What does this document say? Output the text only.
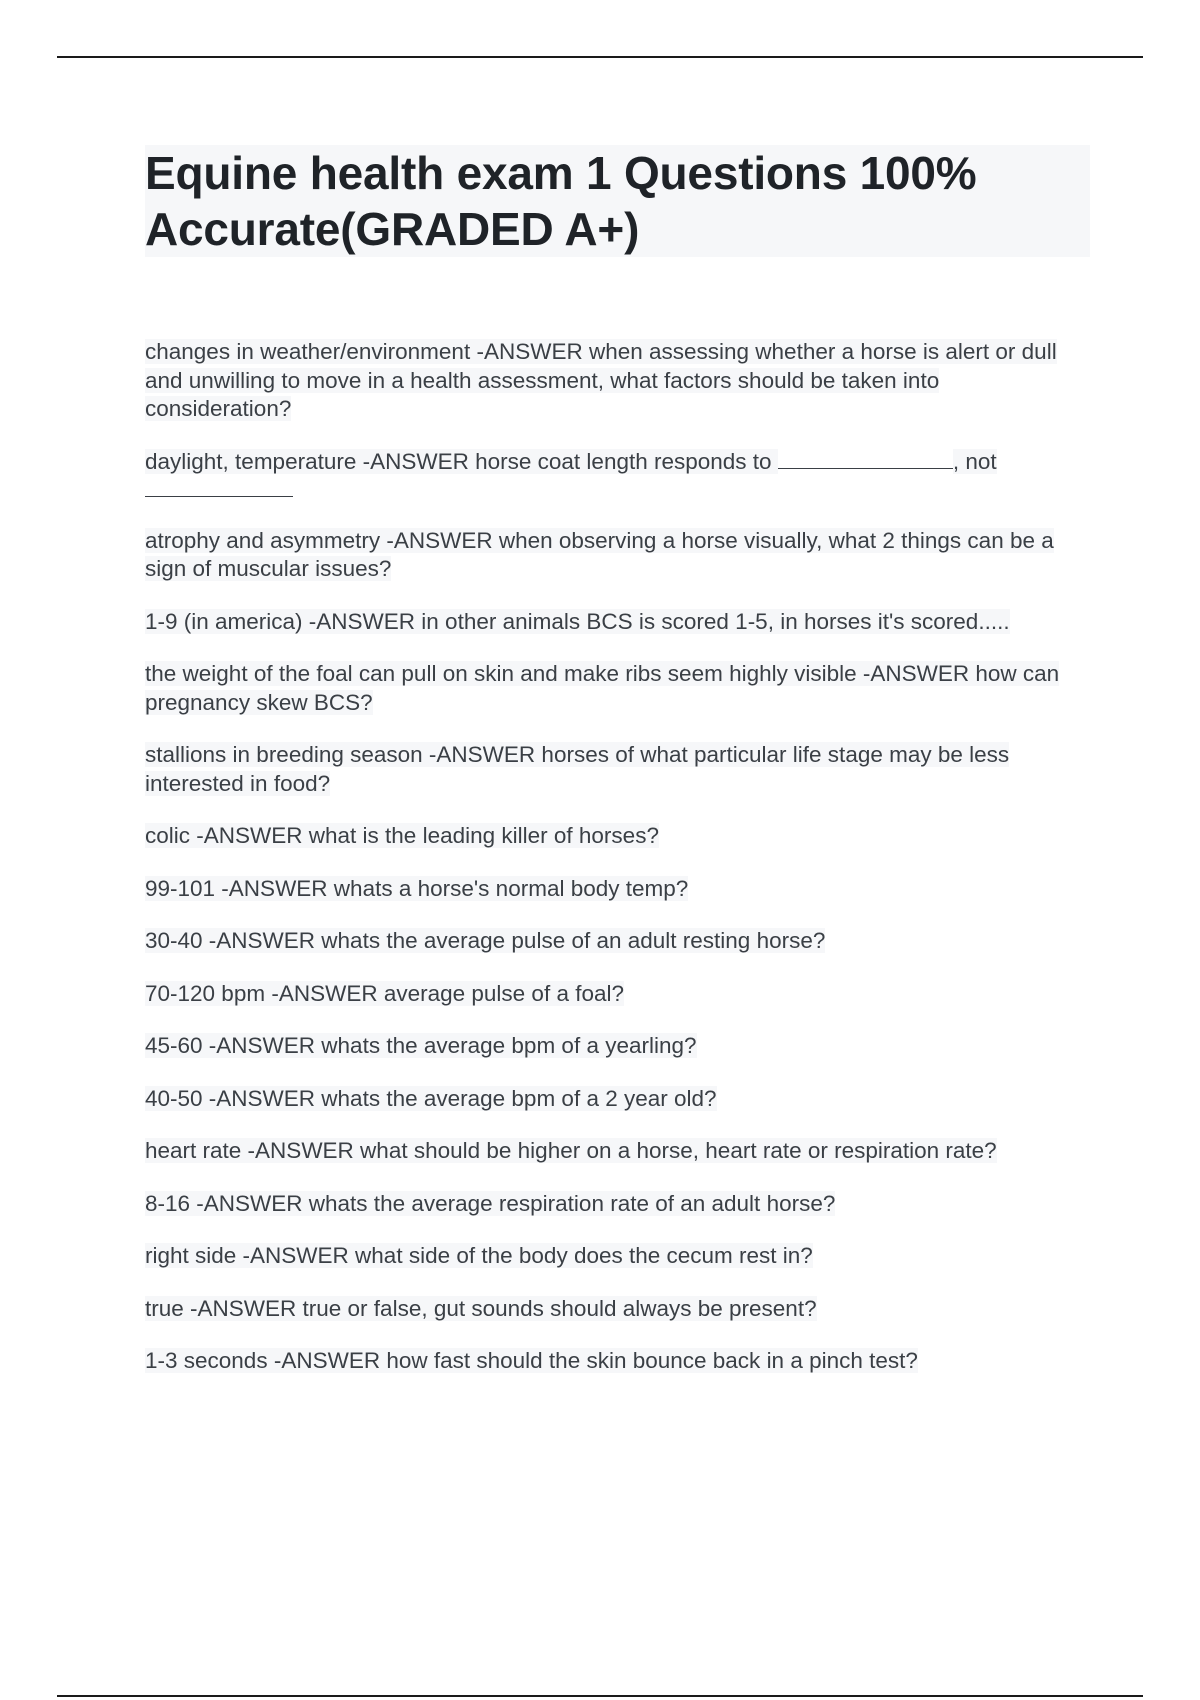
Equine health exam 1 Questions 100% Accurate(GRADED A+)
changes in weather/environment -ANSWER when assessing whether a horse is alert or dull and unwilling to move in a health assessment, what factors should be taken into consideration?
daylight, temperature -ANSWER horse coat length responds to	, not

atrophy and asymmetry -ANSWER when observing a horse visually, what 2 things can be a sign of muscular issues?
1-9 (in america) -ANSWER in other animals BCS is scored 1-5, in horses it's scored.....
the weight of the foal can pull on skin and make ribs seem highly visible -ANSWER how can pregnancy skew BCS?
stallions in breeding season -ANSWER horses of what particular life stage may be less interested in food?
colic -ANSWER what is the leading killer of horses?
99-101 -ANSWER whats a horse's normal body temp?
30-40 -ANSWER whats the average pulse of an adult resting horse?
70-120 bpm -ANSWER average pulse of a foal?
45-60 -ANSWER whats the average bpm of a yearling?
40-50 -ANSWER whats the average bpm of a 2 year old?
heart rate -ANSWER what should be higher on a horse, heart rate or respiration rate?
8-16 -ANSWER whats the average respiration rate of an adult horse?
right side -ANSWER what side of the body does the cecum rest in?
true -ANSWER true or false, gut sounds should always be present?
1-3 seconds -ANSWER how fast should the skin bounce back in a pinch test?
